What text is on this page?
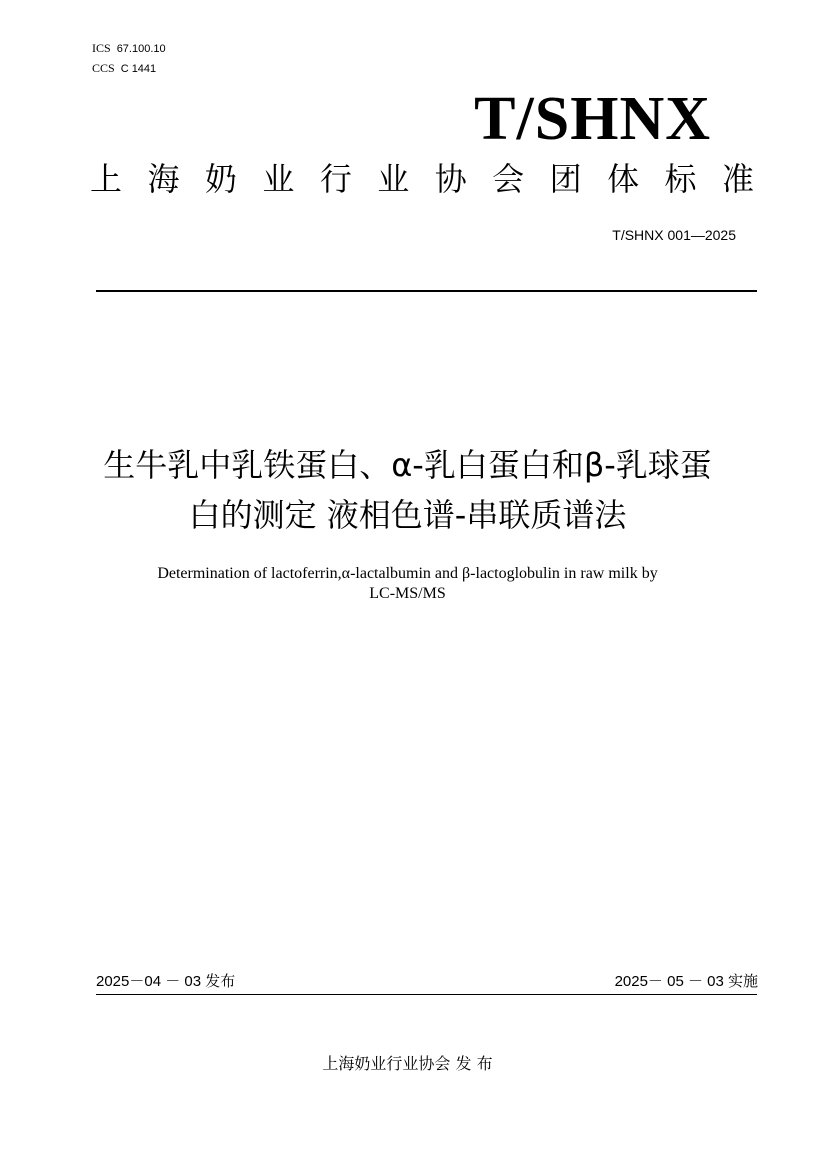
ICS 67.100.10
CCS C 1441
T/SHNX
上 海 奶 业 行 业 协 会 团 体 标 准
T/SHNX 001—2025
生牛乳中乳铁蛋白、α-乳白蛋白和β-乳球蛋
白的测定 液相色谱-串联质谱法
Determination of lactoferrin,α-lactalbumin and β-lactoglobulin in raw milk by
LC-MS/MS
2025－04 － 03 发布	2025－ 05 － 03 实施
上海奶业行业协会 发 布
